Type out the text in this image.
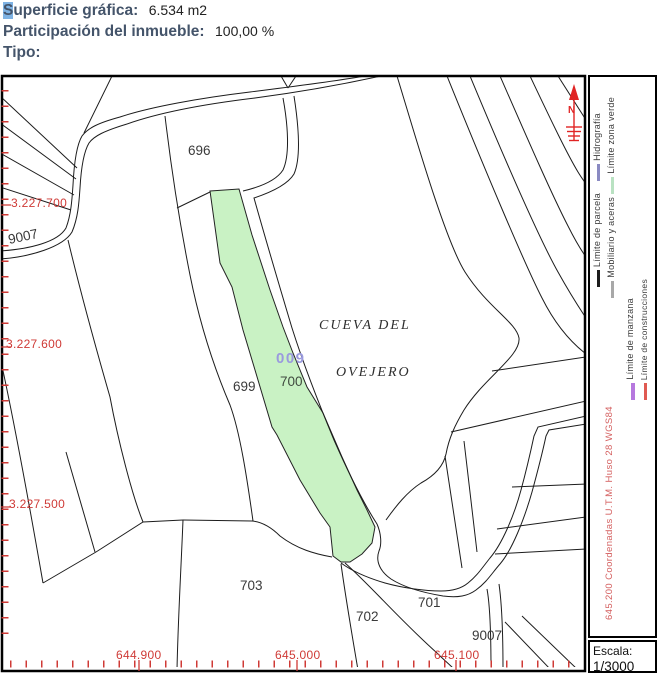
Superficie gráfica: 6.534 m2
Participación del inmueble: 100,00 %
Tipo:
696
699 700
009
701
702
703
9007
9007
CUEVA DEL
OVEJERO
N
3.227.700
3.227.600
3.227.500
644.900	645.000	645.100
Límite de parcela
Hidrografía
Mobiliario y aceras
Límite zona verde
Límite de manzana Límite de construcciones
645.200 Coordenadas U.T.M. Huso 28 WGS84
Escala:
1/3000
